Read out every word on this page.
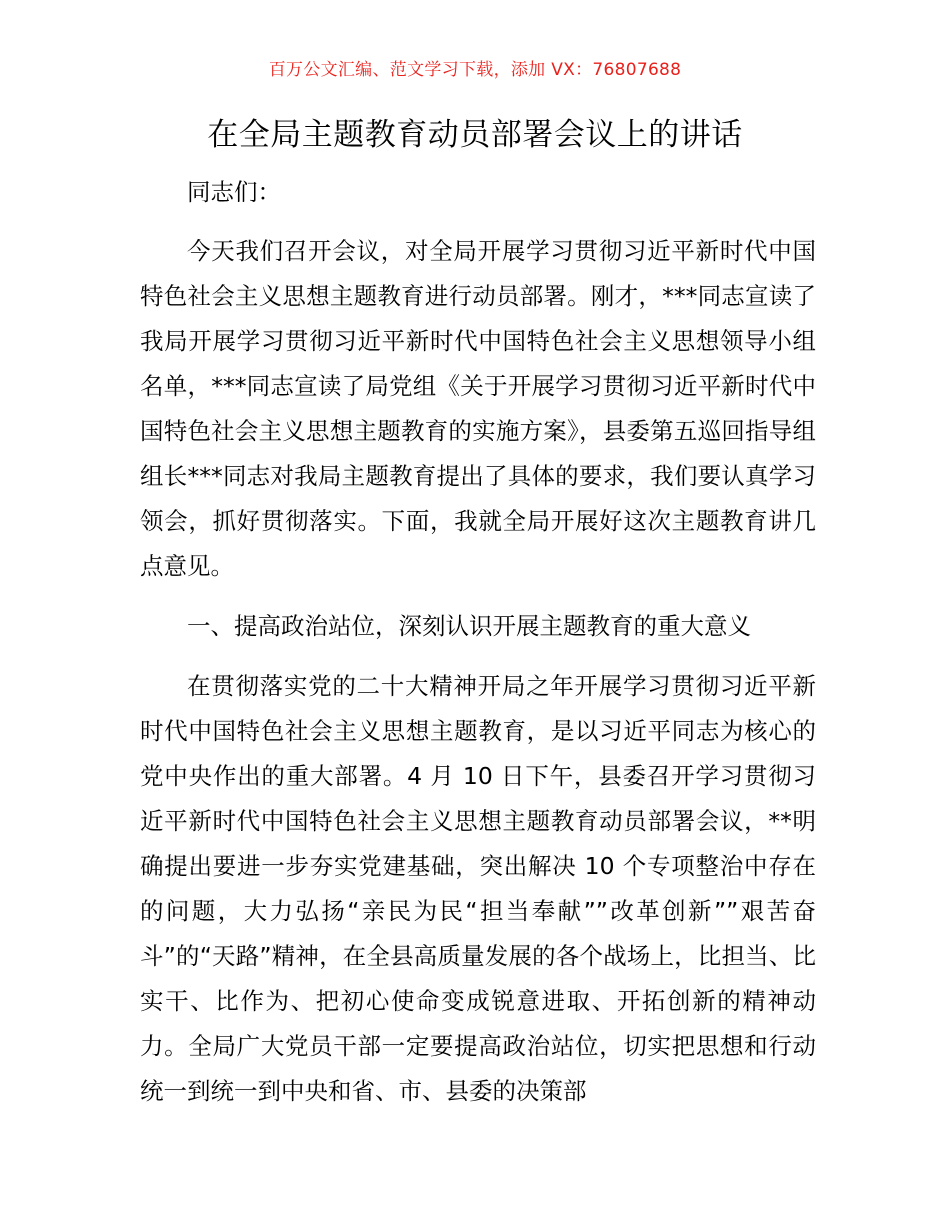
百万公文汇编、范文学习下载，添加 VX：76807688
在全局主题教育动员部署会议上的讲话

同志们：

今天我们召开会议，对全局开展学习贯彻习近平新时代中国特色社会主义思想主题教育进行动员部署。刚才，***同志宣读了我局开展学习贯彻习近平新时代中国特色社会主义思想领导小组名单，***同志宣读了局党组《关于开展学习贯彻习近平新时代中国特色社会主义思想主题教育的实施方案》，县委第五巡回指导组组长***同志对我局主题教育提出了具体的要求，我们要认真学习领会，抓好贯彻落实。下面，我就全局开展好这次主题教育讲几点意见。

一、提高政治站位，深刻认识开展主题教育的重大意义

在贯彻落实党的二十大精神开局之年开展学习贯彻习近平新时代中国特色社会主义思想主题教育，是以习近平同志为核心的党中央作出的重大部署。4 月 10 日下午，县委召开学习贯彻习近平新时代中国特色社会主义思想主题教育动员部署会议，**明确提出要进一步夯实党建基础，突出解决 10 个专项整治中存在的问题，大力弘扬“亲民为民“担当奉献””改革创新””艰苦奋斗”的“天路”精神，在全县高质量发展的各个战场上，比担当、比实干、比作为、把初心使命变成锐意进取、开拓创新的精神动力。全局广大党员干部一定要提高政治站位，切实把思想和行动统一到统一到中央和省、市、县委的决策部
